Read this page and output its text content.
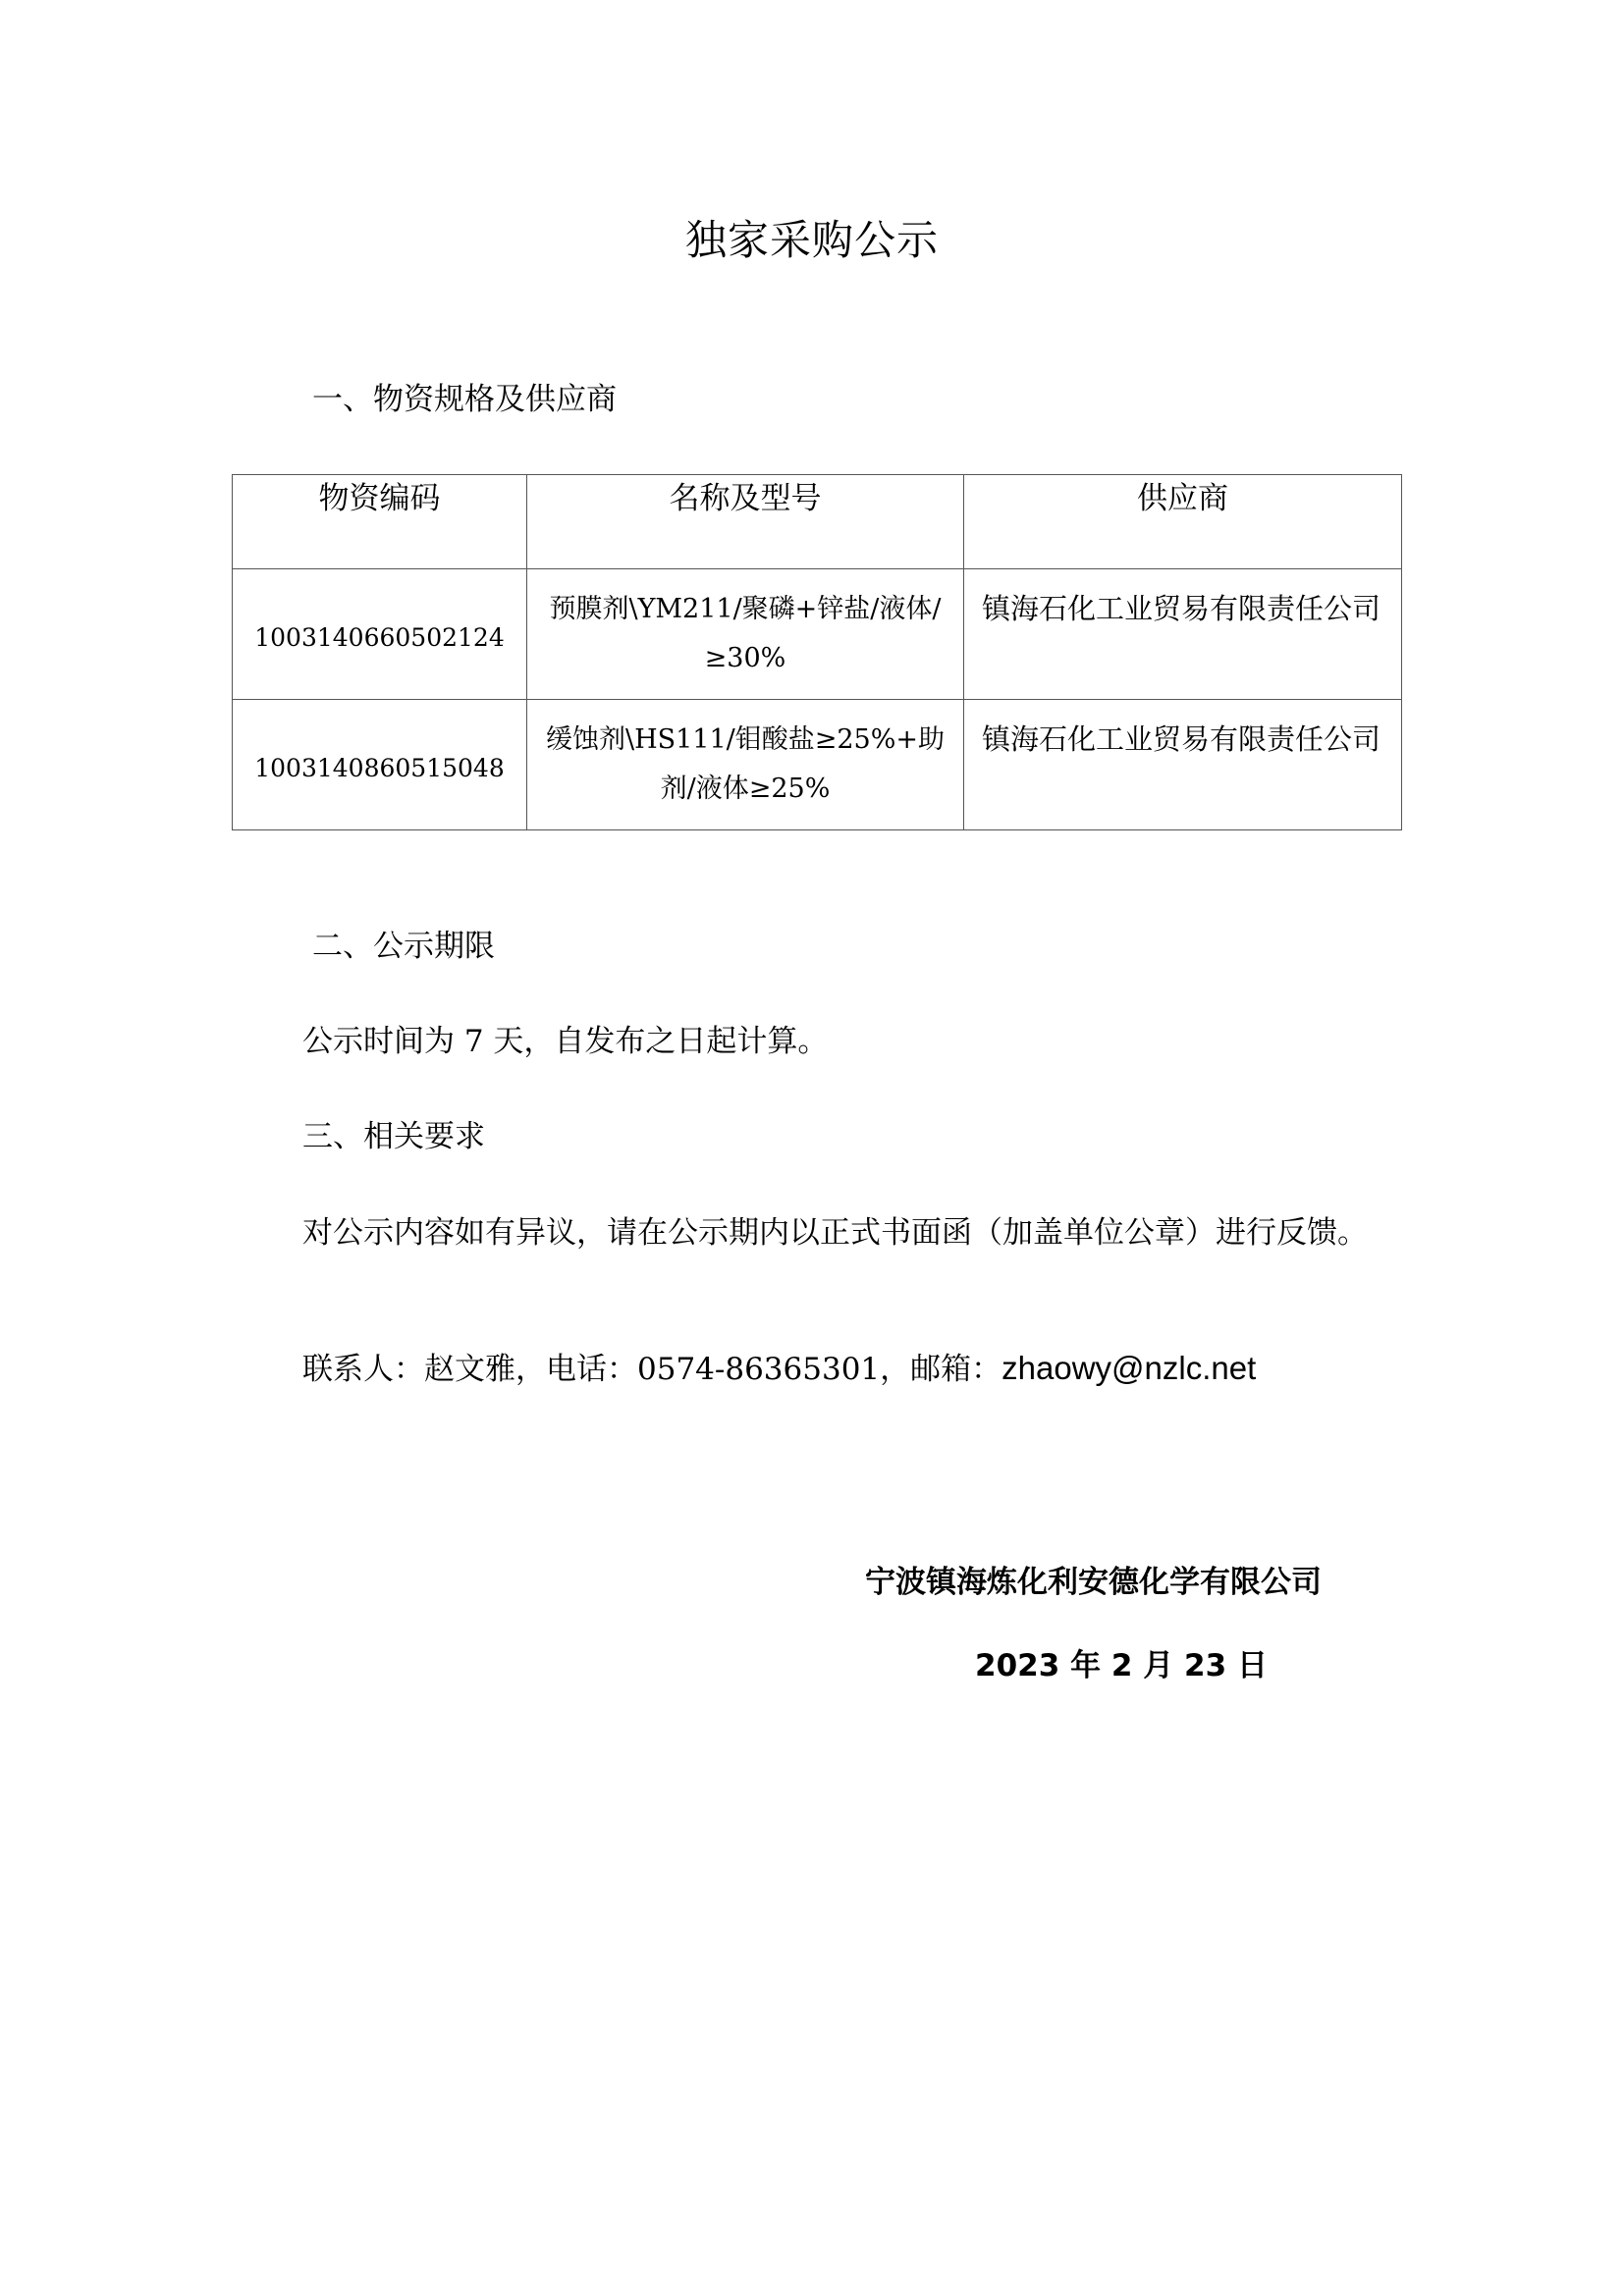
独家采购公示
一、物资规格及供应商
物资编码	名称及型号	供应商
1003140660502124	预膜剂\YM211/聚磷+锌盐/液体/≥30%	镇海石化工业贸易有限责任公司
1003140860515048	缓蚀剂\HS111/钼酸盐≥25%+助剂/液体≥25%	镇海石化工业贸易有限责任公司
二、公示期限
公示时间为 7 天，自发布之日起计算。
三、相关要求
对公示内容如有异议，请在公示期内以正式书面函（加盖单位公章）进行反馈。
联系人：赵文雅，电话：0574-86365301，邮箱：zhaowy@nzlc.net
宁波镇海炼化利安德化学有限公司
2023 年 2 月 23 日
